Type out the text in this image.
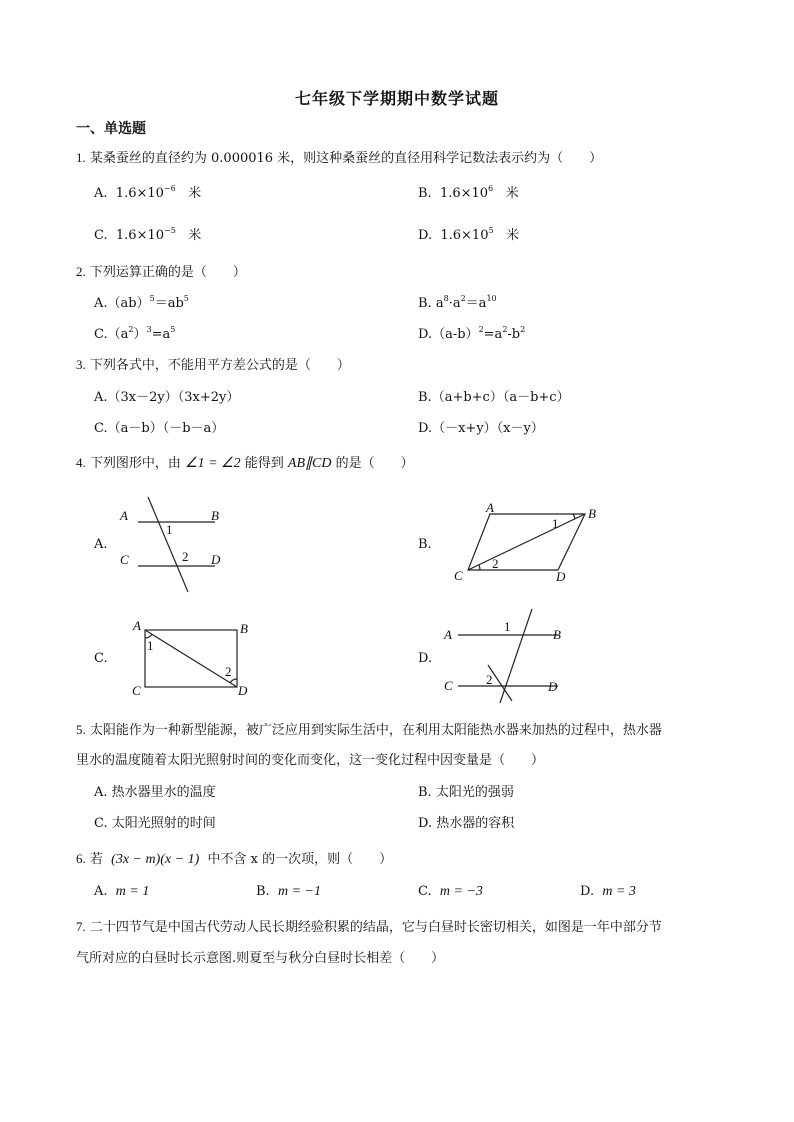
七年级下学期期中数学试题
一、单选题
1. 某桑蚕丝的直径约为 0.000016 米，则这种桑蚕丝的直径用科学记数法表示约为（　　）
A. $1.6\times 10^{-6}$ 米	B. $1.6\times 10^6$ 米
C. $1.6\times 10^{-5}$ 米	D. $1.6\times 10^5$ 米
2. 下列运算正确的是（　　）
$A.(ab)^5=ab^5$	B. $a^8\cdot a^2=a^{10}$
$C.(a^2)^3=a^5$	$D.(a-b)^2=a^2-b^2$
3. 下列各式中，不能用平方差公式的是（　　）
A.（3x－2y）（3x+2y）	B.（a+b+c）（a－b+c）
C.（a－b）（－b－a）	D.（－x+y）（x－y）
4. 下列图形中，由 ∠1 = ∠2 能得到 AB∥CD 的是（　　）
A.
A	B
C	D
1
2
B.
A	B
C	D
1
2
C.
A	B
C	D
1
2
D.
A	B
C	D
1
2
5. 太阳能作为一种新型能源，被广泛应用到实际生活中，在利用太阳能热水器来加热的过程中，热水器
里水的温度随着太阳光照射时间的变化而变化，这一变化过程中因变量是（　　）
A. 热水器里水的温度	B. 太阳光的强弱
C. 太阳光照射的时间	D. 热水器的容积
6. 若 (3x − m)(x − 1) 中不含 x 的一次项，则（　　）
A. m = 1	B. m = −1	C. m = −3	D. m = 3
7. 二十四节气是中国古代劳动人民长期经验积累的结晶，它与白昼时长密切相关，如图是一年中部分节
气所对应的白昼时长示意图.则夏至与秋分白昼时长相差（　　）
